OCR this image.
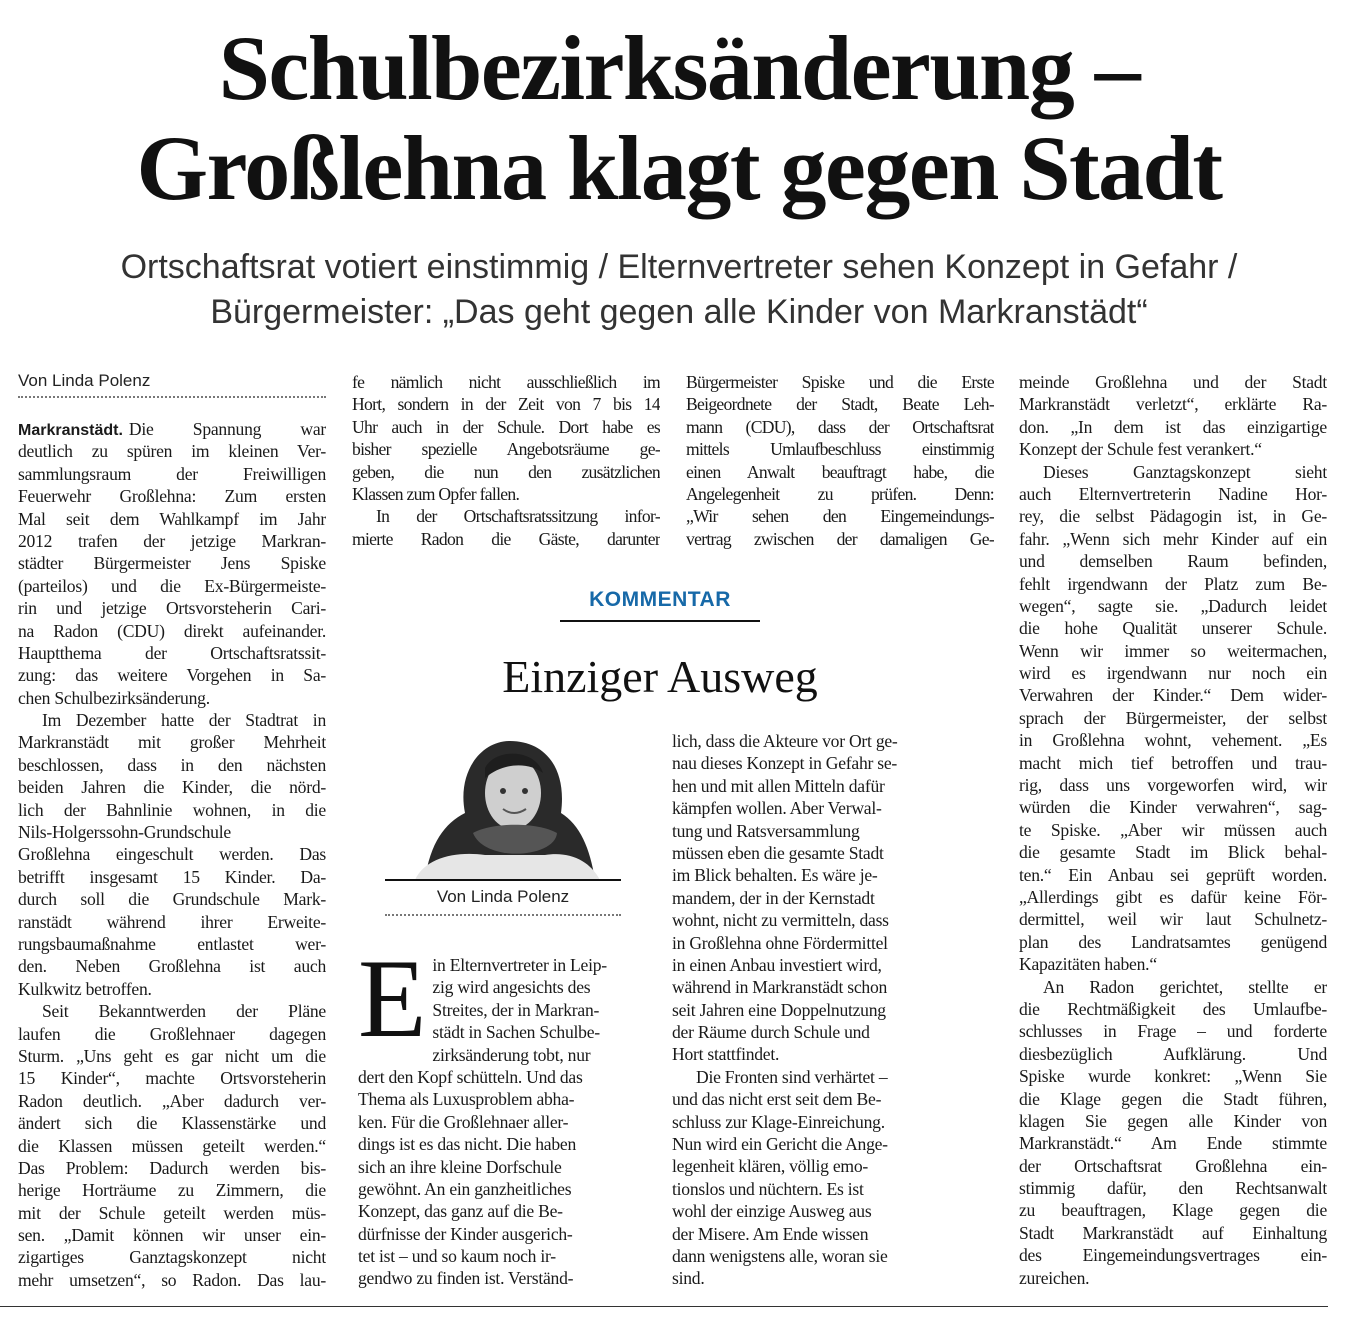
Schulbezirksänderung –
Großlehna klagt gegen Stadt
Ortschaftsrat votiert einstimmig / Elternvertreter sehen Konzept in Gefahr /
Bürgermeister: „Das geht gegen alle Kinder von Markranstädt“
Von Linda Polenz
Markranstädt. Die Spannung war
deutlich zu spüren im kleinen Ver-
sammlungsraum der Freiwilligen
Feuerwehr Großlehna: Zum ersten
Mal seit dem Wahlkampf im Jahr
2012 trafen der jetzige Markran-
städter Bürgermeister Jens Spiske
(parteilos) und die Ex-Bürgermeiste-
rin und jetzige Ortsvorsteherin Cari-
na Radon (CDU) direkt aufeinander.
Hauptthema der Ortschaftsratssit-
zung: das weitere Vorgehen in Sa-
chen Schulbezirksänderung.
Im Dezember hatte der Stadtrat in
Markranstädt mit großer Mehrheit
beschlossen, dass in den nächsten
beiden Jahren die Kinder, die nörd-
lich der Bahnlinie wohnen, in die
Nils-Holgerssohn-Grundschule
Großlehna eingeschult werden. Das
betrifft insgesamt 15 Kinder. Da-
durch soll die Grundschule Mark-
ranstädt während ihrer Erweite-
rungsbaumaßnahme entlastet wer-
den. Neben Großlehna ist auch
Kulkwitz betroffen.
Seit Bekanntwerden der Pläne
laufen die Großlehnaer dagegen
Sturm. „Uns geht es gar nicht um die
15 Kinder“, machte Ortsvorsteherin
Radon deutlich. „Aber dadurch ver-
ändert sich die Klassenstärke und
die Klassen müssen geteilt werden.“
Das Problem: Dadurch werden bis-
herige Horträume zu Zimmern, die
mit der Schule geteilt werden müs-
sen. „Damit können wir unser ein-
zigartiges Ganztagskonzept nicht
mehr umsetzen“, so Radon. Das lau-
fe nämlich nicht ausschließlich im
Hort, sondern in der Zeit von 7 bis 14
Uhr auch in der Schule. Dort habe es
bisher spezielle Angebotsräume ge-
geben, die nun den zusätzlichen
Klassen zum Opfer fallen.
In der Ortschaftsratssitzung infor-
mierte Radon die Gäste, darunter
Bürgermeister Spiske und die Erste
Beigeordnete der Stadt, Beate Leh-
mann (CDU), dass der Ortschaftsrat
mittels Umlaufbeschluss einstimmig
einen Anwalt beauftragt habe, die
Angelegenheit zu prüfen. Denn:
„Wir sehen den Eingemeindungs-
vertrag zwischen der damaligen Ge-
meinde Großlehna und der Stadt
Markranstädt verletzt“, erklärte Ra-
don. „In dem ist das einzigartige
Konzept der Schule fest verankert.“
Dieses Ganztagskonzept sieht
auch Elternvertreterin Nadine Hor-
rey, die selbst Pädagogin ist, in Ge-
fahr. „Wenn sich mehr Kinder auf ein
und demselben Raum befinden,
fehlt irgendwann der Platz zum Be-
wegen“, sagte sie. „Dadurch leidet
die hohe Qualität unserer Schule.
Wenn wir immer so weitermachen,
wird es irgendwann nur noch ein
Verwahren der Kinder.“ Dem wider-
sprach der Bürgermeister, der selbst
in Großlehna wohnt, vehement. „Es
macht mich tief betroffen und trau-
rig, dass uns vorgeworfen wird, wir
würden die Kinder verwahren“, sag-
te Spiske. „Aber wir müssen auch
die gesamte Stadt im Blick behal-
ten.“ Ein Anbau sei geprüft worden.
„Allerdings gibt es dafür keine För-
dermittel, weil wir laut Schulnetz-
plan des Landratsamtes genügend
Kapazitäten haben.“
An Radon gerichtet, stellte er
die Rechtmäßigkeit des Umlaufbe-
schlusses in Frage – und forderte
diesbezüglich Aufklärung. Und
Spiske wurde konkret: „Wenn Sie
die Klage gegen die Stadt führen,
klagen Sie gegen alle Kinder von
Markranstädt.“ Am Ende stimmte
der Ortschaftsrat Großlehna ein-
stimmig dafür, den Rechtsanwalt
zu beauftragen, Klage gegen die
Stadt Markranstädt auf Einhaltung
des Eingemeindungsvertrages ein-
zureichen.
KOMMENTAR
Einziger Ausweg
Von Linda Polenz
E in Elternvertreter in Leip-
zig wird angesichts des
Streites, der in Markran-
städt in Sachen Schulbe-
zirksänderung tobt, nur
dert den Kopf schütteln. Und das
Thema als Luxusproblem abha-
ken. Für die Großlehnaer aller-
dings ist es das nicht. Die haben
sich an ihre kleine Dorfschule
gewöhnt. An ein ganzheitliches
Konzept, das ganz auf die Be-
dürfnisse der Kinder ausgerich-
tet ist – und so kaum noch ir-
gendwo zu finden ist. Verständ-
lich, dass die Akteure vor Ort ge-
nau dieses Konzept in Gefahr se-
hen und mit allen Mitteln dafür
kämpfen wollen. Aber Verwal-
tung und Ratsversammlung
müssen eben die gesamte Stadt
im Blick behalten. Es wäre je-
mandem, der in der Kernstadt
wohnt, nicht zu vermitteln, dass
in Großlehna ohne Fördermittel
in einen Anbau investiert wird,
während in Markranstädt schon
seit Jahren eine Doppelnutzung
der Räume durch Schule und
Hort stattfindet.
Die Fronten sind verhärtet –
und das nicht erst seit dem Be-
schluss zur Klage-Einreichung.
Nun wird ein Gericht die Ange-
legenheit klären, völlig emo-
tionslos und nüchtern. Es ist
wohl der einzige Ausweg aus
der Misere. Am Ende wissen
dann wenigstens alle, woran sie
sind.
